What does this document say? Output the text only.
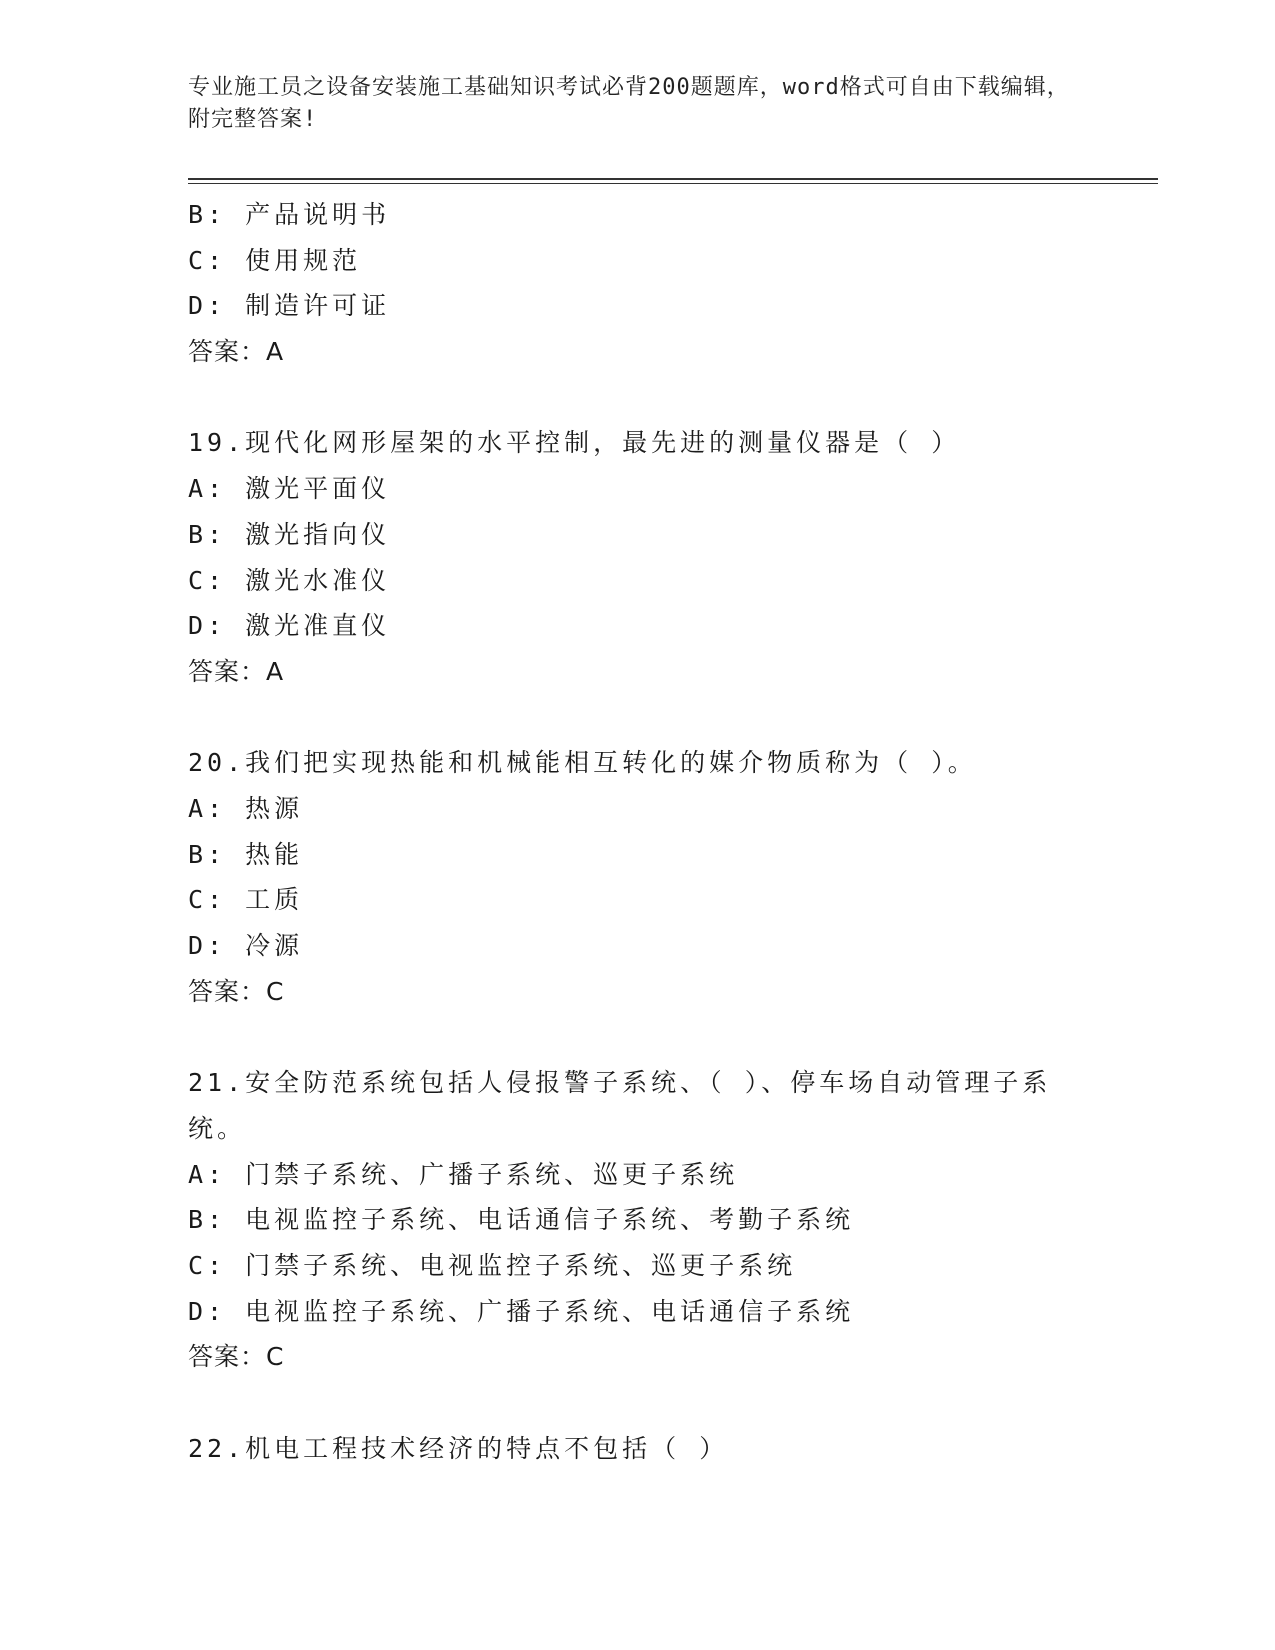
专业施工员之设备安装施工基础知识考试必背200题题库，word格式可自由下载编辑，附完整答案!
B: 产品说明书
C: 使用规范
D: 制造许可证
答案：A
19.现代化网形屋架的水平控制，最先进的测量仪器是（ ）
A: 激光平面仪
B: 激光指向仪
C: 激光水准仪
D: 激光准直仪
答案：A
20.我们把实现热能和机械能相互转化的媒介物质称为（ ）。
A: 热源
B: 热能
C: 工质
D: 冷源
答案：C
21.安全防范系统包括人侵报警子系统、（ ）、停车场自动管理子系统。
A: 门禁子系统、广播子系统、巡更子系统
B: 电视监控子系统、电话通信子系统、考勤子系统
C: 门禁子系统、电视监控子系统、巡更子系统
D: 电视监控子系统、广播子系统、电话通信子系统
答案：C
22.机电工程技术经济的特点不包括（ ）
